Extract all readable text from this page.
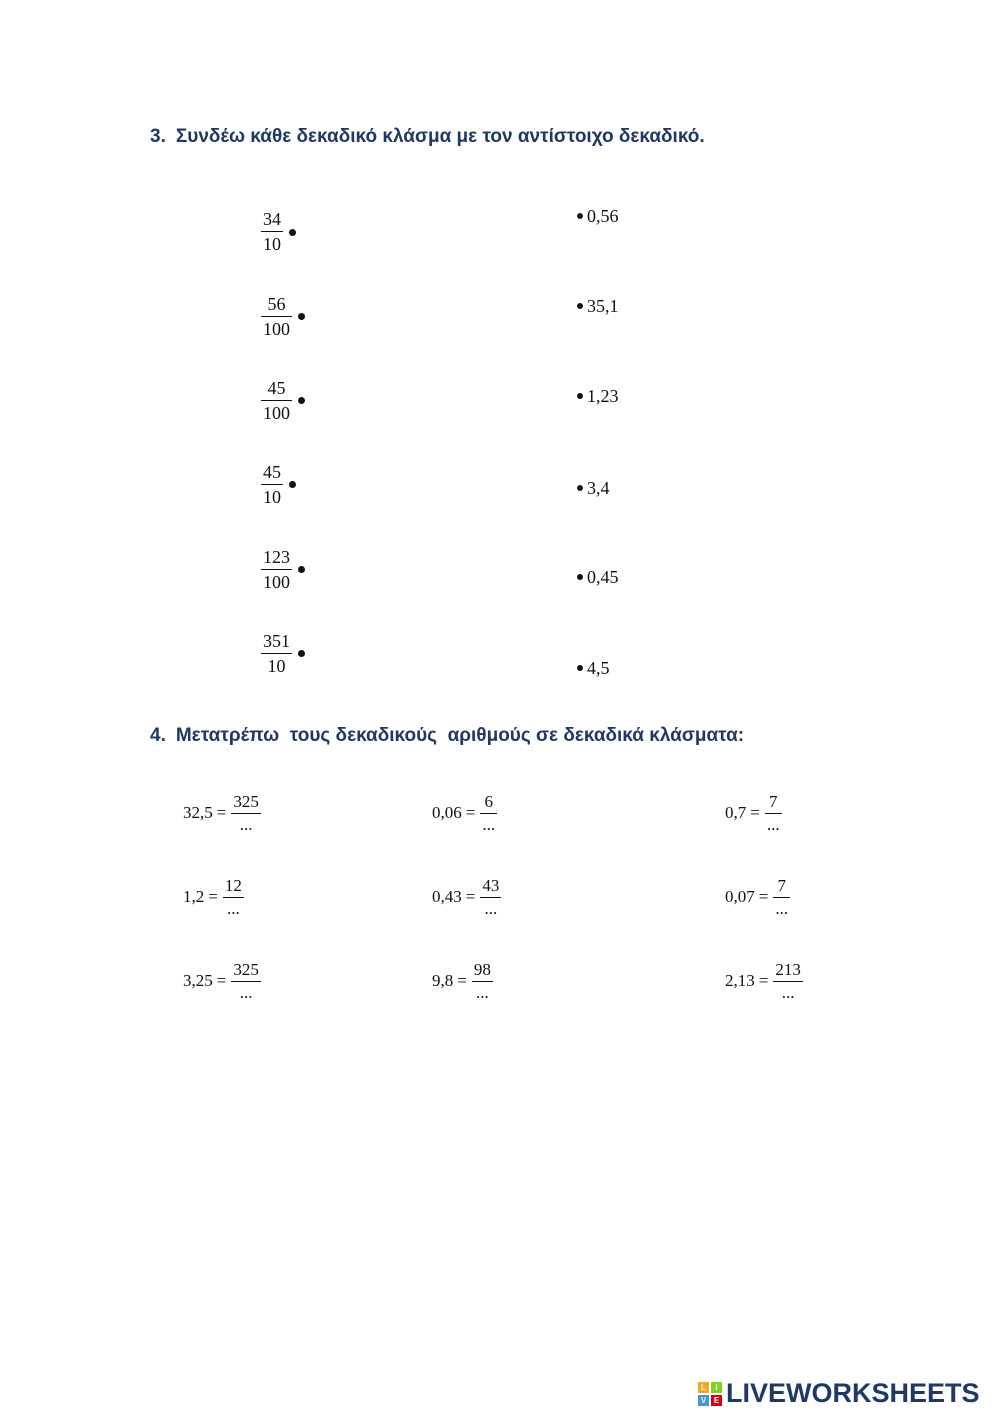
3. Συνδέω κάθε δεκαδικό κλάσμα με τον αντίστοιχο δεκαδικό.
34
10
56
100
45
100
45
10
123
100
351
10
0,56
35,1
1,23
3,4
0,45
4,5
4. Μετατρέπω  τους δεκαδικούς  αριθμούς σε δεκαδικά κλάσματα:
32,5 =
325
...
0,06 =
6
...
0,7 =
7
...
1,2 =
12
...
0,43 =
43
...
0,07 =
7
...
3,25 =
325
...
9,8 =
98
...
2,13 =
213
...
L	I
V E LIVEWORKSHEETS
